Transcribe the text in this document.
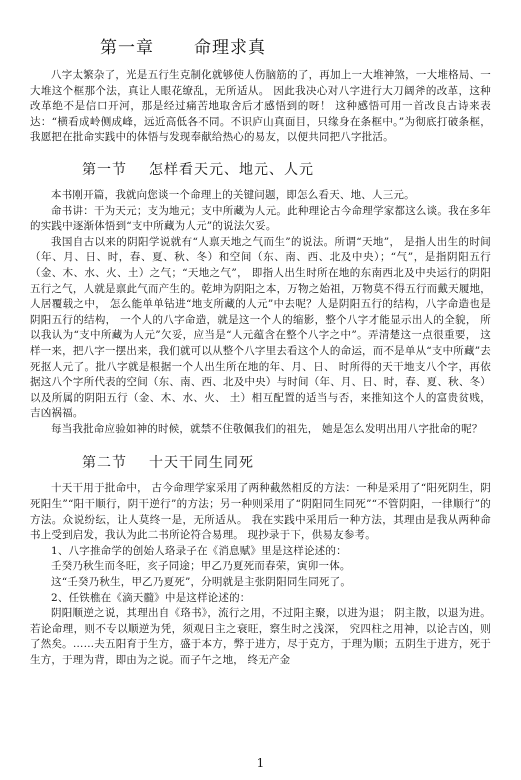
第一章 命理求真

八字太繁杂了，光是五行生克制化就够使人伤脑筋的了，再加上一大堆神煞，一大堆格局、一大堆这个框那个法，真让人眼花缭乱，无所适从。 因此我决心对八字进行大刀阔斧的改革，这种改革绝不是信口开河，那是经过痛苦地取舍后才感悟到的呀！ 这种感悟可用一首改良古诗来表达：“横看成岭侧成峰，远近高低各不同。不识庐山真面目，只缘身在条框中。”为彻底打破条框， 我愿把在批命实践中的体悟与发现奉献给热心的易友，以便共同把八字批活。

第一节 怎样看天元、地元、人元

本书刚开篇，我就向您谈一个命理上的关键问题，即怎么看天、地、人三元。

命书讲：干为天元；支为地元；支中所藏为人元。此种理论古今命理学家都这么谈。我在多年的实践中逐渐体悟到“支中所藏为人元”的说法欠妥。

我国自古以来的阴阳学说就有“人禀天地之气而生”的说法。所谓“天地”， 是指人出生的时间（年、月、日、时，春、夏、秋、冬）和空间（东、南、西、北及中央）；“气”，是指阴阳五行（金、木、水、火、土）之气；“天地之气”， 即指人出生时所在地的东南西北及中央运行的阴阳五行之气，人就是禀此气而产生的。乾坤为阴阳之本，万物之始祖，万物莫不得五行而戴天履地，人居覆载之中， 怎么能单单钻进“地支所藏的人元”中去呢？人是阴阳五行的结构，八字命造也是阴阳五行的结构， 一个人的八字命造，就是这一个人的缩影，整个八字才能显示出人的全貌， 所以我认为“支中所藏为人元”欠妥，应当是“人元蕴含在整个八字之中”。弄清楚这一点很重要， 这样一来，把八字一摆出来，我们就可以从整个八字里去看这个人的命运，而不是单从“支中所藏”去死抠人元了。批八字就是根据一个人出生所在地的年、月、日、 时所得的天干地支八个字，再依据这八个字所代表的空间（东、南、西、北及中央）与时间（年、月、日、时，春、夏、秋、冬）以及所属的阴阳五行（金、木、水、火、 土）相互配置的适当与否，来推知这个人的富贵贫贱，吉凶祸福。

每当我批命应验如神的时候，就禁不住敬佩我们的祖先， 她是怎么发明出用八字批命的呢？

第二节 十天干同生同死

十天干用于批命中， 古今命理学家采用了两种截然相反的方法：一种是采用了“阳死阴生，阴死阳生”“阳干顺行，阴干逆行”的方法；另一种则采用了“阴阳同生同死”“不管阴阳，一律顺行”的方法。众说纷纭，让人莫终一是，无所适从。 我在实践中采用后一种方法，其理由是我从两种命书上受到启发，我认为此二书所论符合易理。 现抄录于下，供易友参考。

1、八字推命学的创始人珞录子在《消息赋》里是这样论述的：

壬癸乃秋生而冬旺，亥子同途；甲乙乃夏死而春荣，寅卯一体。

这“壬癸乃秋生，甲乙乃夏死”，分明就是主张阴阳同生同死了。

2、任铁樵在《滴天髓》中是这样论述的：

阴阳顺逆之说，其理出自《珞书》，流行之用，不过阳主聚，以进为退； 阴主散，以退为进。若论命理，则不专以顺逆为凭，须观日主之衰旺，察生时之浅深， 究四柱之用神，以论吉凶，则了然矣。……夫五阳育于生方，盛于本方，弊于进方，尽于克方，于理为顺；五阴生于进方，死于生方，于理为背，即由为之说。而子午之地， 终无产金

1
